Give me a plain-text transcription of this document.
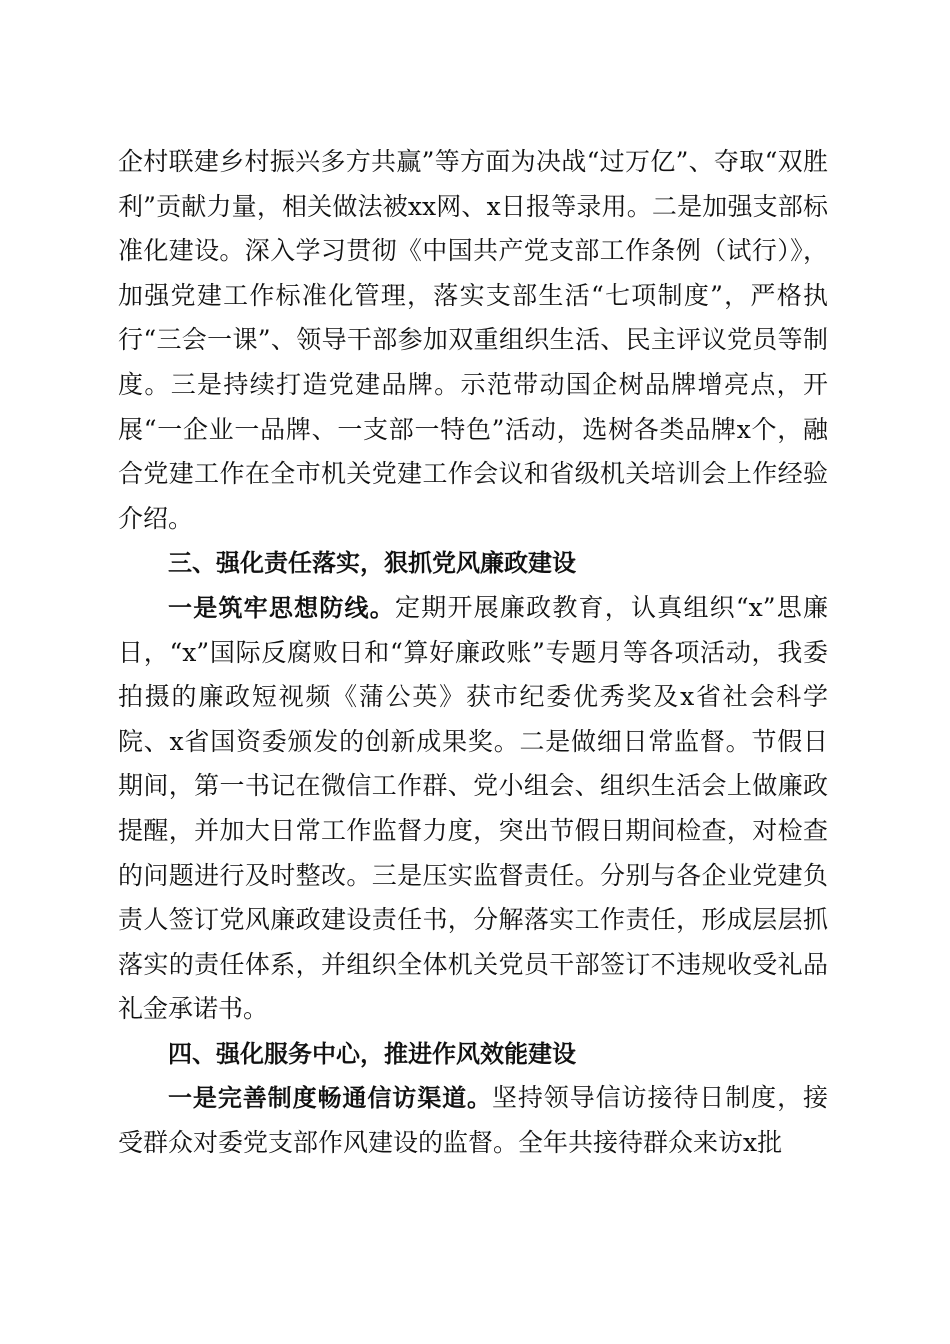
企村联建乡村振兴多方共赢”等方面为决战“过万亿”、夺取“双胜利”贡献力量，相关做法被xx网、x日报等录用。二是加强支部标准化建设。深入学习贯彻《中国共产党支部工作条例（试行）》，加强党建工作标准化管理，落实支部生活“七项制度”，严格执行“三会一课”、领导干部参加双重组织生活、民主评议党员等制度。三是持续打造党建品牌。示范带动国企树品牌增亮点，开展“一企业一品牌、一支部一特色”活动，选树各类品牌x个，融合党建工作在全市机关党建工作会议和省级机关培训会上作经验介绍。

三、强化责任落实，狠抓党风廉政建设

一是筑牢思想防线。定期开展廉政教育，认真组织“x”思廉日，“x”国际反腐败日和“算好廉政账”专题月等各项活动，我委拍摄的廉政短视频《蒲公英》获市纪委优秀奖及x省社会科学院、x省国资委颁发的创新成果奖。二是做细日常监督。节假日期间，第一书记在微信工作群、党小组会、组织生活会上做廉政提醒，并加大日常工作监督力度，突出节假日期间检查，对检查的问题进行及时整改。三是压实监督责任。分别与各企业党建负责人签订党风廉政建设责任书，分解落实工作责任，形成层层抓落实的责任体系，并组织全体机关党员干部签订不违规收受礼品礼金承诺书。

四、强化服务中心，推进作风效能建设

一是完善制度畅通信访渠道。坚持领导信访接待日制度，接受群众对委党支部作风建设的监督。全年共接待群众来访x批
